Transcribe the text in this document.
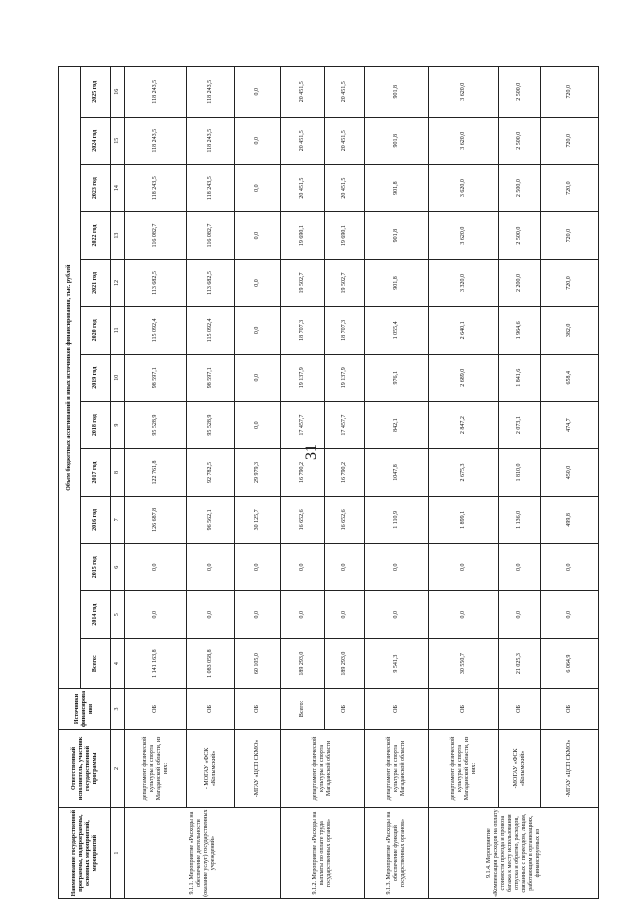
31
Наименование государственной программы, подпрограммы, основных мероприятий, мероприятий	Ответственный исполнитель, участник государственной программы	Источники финансирования	Объем бюджетных ассигнований и иных источников финансирования, тыс. рублей												
			Всего:	2014 год	2015 год	2016 год	2017 год	2018 год	2019 год	2020 год	2021 год	2022 год	2023 год	2024 год	2025 год
1	2	3	4	5	6	7	8	9	10	11	12	13	14	15	16
9.1.1. Мероприятие «Расходы на обеспечение деятельности (оказание услуг) государственных учреждений»	департамент физической культуры и спорта Магаданской области, из них:	ОБ	1 141 163,8	0,0	0,0	126 687,8	122 761,8	95 528,9	98 597,1	115 092,4	113 682,5	116 082,7	118 243,5	118 243,5	118 243,5
	- МОГАУ «ФСК «Колымский»	ОБ	1 083 058,8	0,0	0,0	96 562,1	92 782,5	95 528,9	98 597,1	115 092,4	113 682,5	116 082,7	118 243,5	118 243,5	118 243,5
	-МГАУ «ЦСП СКМО»	ОБ	60 105,0	0,0	0,0	30 125,7	29 979,3	0,0	0,0	0,0	0,0	0,0	0,0	0,0	0,0
9.1.2. Мероприятие «Расходы на выплаты по оплате труда государственных органов»	департамент физической культуры и спорта Магаданской области	Всего:	189 293,0	0,0	0,0	16 652,6	16 790,2	17 457,7	19 137,9	18 707,3	19 502,7	19 690,1	20 451,5	20 451,5	20 451,5
		ОБ	189 293,0	0,0	0,0	16 652,6	16 790,2	17 457,7	19 137,9	18 707,3	19 502,7	19 690,1	20 451,5	20 451,5	20 451,5
9.1.3. Мероприятие «Расходы на обеспечение функций государственных органов»	департамент физической культуры и спорта Магаданской области	ОБ	9 541,3	0,0	0,0	1 110,9	1047,8	842,1	976,1	1 055,4	901,8	901,8	901,8	901,8	901,8
9.1.4. Мероприятие «Компенсация расходов на оплату стоимости проезда и провоза багажа к месту использования отпуска и обратно, расходов, связанных с переездом, лицам, работающим в организациях, финансируемых из	департамент физической культуры и спорта Магаданской области, из них:	ОБ	30 550,7	0,0	0,0	1 899,1	2 675,3	2 847,2	2 689,0	2 640,1	3 320,0	3 620,0	3 620,0	3 620,0	3 620,0
	-МОГАУ «ФСК «Колымский»	ОБ	21 025,3	0,0	0,0	1 136,0	1 810,0	2 073,1	1 841,6	1 964,6	2 200,0	2 500,0	2 500,0	2 500,0	2 500,0
	-МГАУ «ЦСП СКМО»	ОБ	6 064,9	0,0	0,0	499,8	450,0	474,7	658,4	382,0	720,0	720,0	720,0	720,0	720,0
